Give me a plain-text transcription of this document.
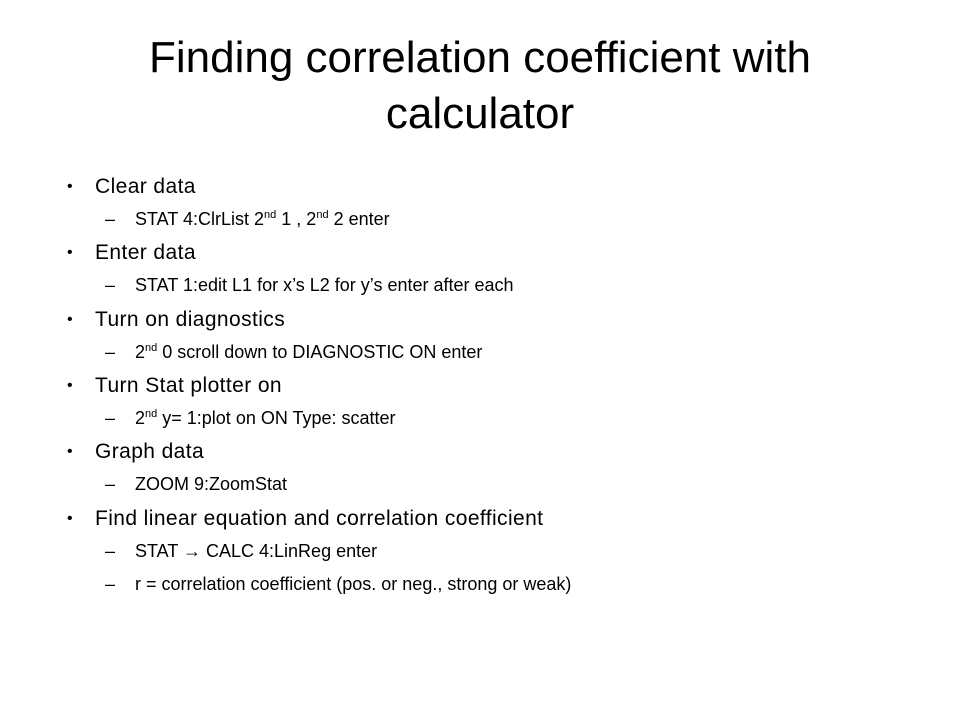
Finding correlation coefficient with
calculator
•	Clear data
–	STAT 4:ClrList 2nd 1 , 2nd 2 enter
•	Enter data
–	STAT 1:edit L1 for x’s L2 for y’s enter after each
•	Turn on diagnostics
–	2nd 0 scroll down to DIAGNOSTIC ON enter
•	Turn Stat plotter on
–	2nd y= 1:plot on ON Type: scatter
•	Graph data
–	ZOOM 9:ZoomStat
•	Find linear equation and correlation coefficient
–	STAT → CALC 4:LinReg enter
–	r = correlation coefficient (pos. or neg., strong or weak)
